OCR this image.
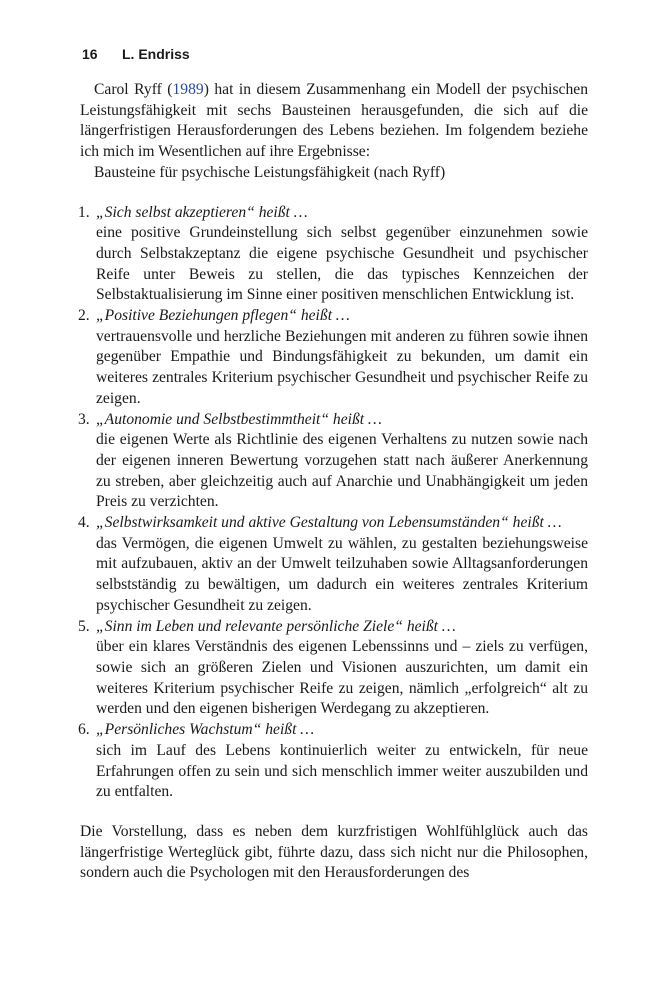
16 L. Endriss

Carol Ryff (1989) hat in diesem Zusammenhang ein Modell der psychischen Leistungsfähigkeit mit sechs Bausteinen herausgefunden, die sich auf die längerfristigen Herausforderungen des Lebens beziehen. Im folgendem beziehe ich mich im Wesentlichen auf ihre Ergebnisse:

Bausteine für psychische Leistungsfähigkeit (nach Ryff)

1. „Sich selbst akzeptieren“ heißt …
eine positive Grundeinstellung sich selbst gegenüber einzunehmen sowie durch Selbstakzeptanz die eigene psychische Gesundheit und psychischer Reife unter Beweis zu stellen, die das typisches Kennzeichen der Selbstaktualisierung im Sinne einer positiven menschlichen Entwicklung ist.
2. „Positive Beziehungen pflegen“ heißt …
vertrauensvolle und herzliche Beziehungen mit anderen zu führen sowie ihnen gegenüber Empathie und Bindungsfähigkeit zu bekunden, um damit ein weiteres zentrales Kriterium psychischer Gesundheit und psychischer Reife zu zeigen.
3. „Autonomie und Selbstbestimmtheit“ heißt …
die eigenen Werte als Richtlinie des eigenen Verhaltens zu nutzen sowie nach der eigenen inneren Bewertung vorzugehen statt nach äußerer Anerkennung zu streben, aber gleichzeitig auch auf Anarchie und Unabhängigkeit um jeden Preis zu verzichten.
4. „Selbstwirksamkeit und aktive Gestaltung von Lebensumständen“ heißt …
das Vermögen, die eigenen Umwelt zu wählen, zu gestalten beziehungsweise mit aufzubauen, aktiv an der Umwelt teilzuhaben sowie Alltagsanforderungen selbstständig zu bewältigen, um dadurch ein weiteres zentrales Kriterium psychischer Gesundheit zu zeigen.
5. „Sinn im Leben und relevante persönliche Ziele“ heißt …
über ein klares Verständnis des eigenen Lebenssinns und – ziels zu verfügen, sowie sich an größeren Zielen und Visionen auszurichten, um damit ein weiteres Kriterium psychischer Reife zu zeigen, nämlich „erfolgreich“ alt zu werden und den eigenen bisherigen Werdegang zu akzeptieren.
6. „Persönliches Wachstum“ heißt …
sich im Lauf des Lebens kontinuierlich weiter zu entwickeln, für neue Erfahrungen offen zu sein und sich menschlich immer weiter auszubilden und zu entfalten.

Die Vorstellung, dass es neben dem kurzfristigen Wohlfühlglück auch das längerfristige Werteglück gibt, führte dazu, dass sich nicht nur die Philosophen, sondern auch die Psychologen mit den Herausforderungen des
